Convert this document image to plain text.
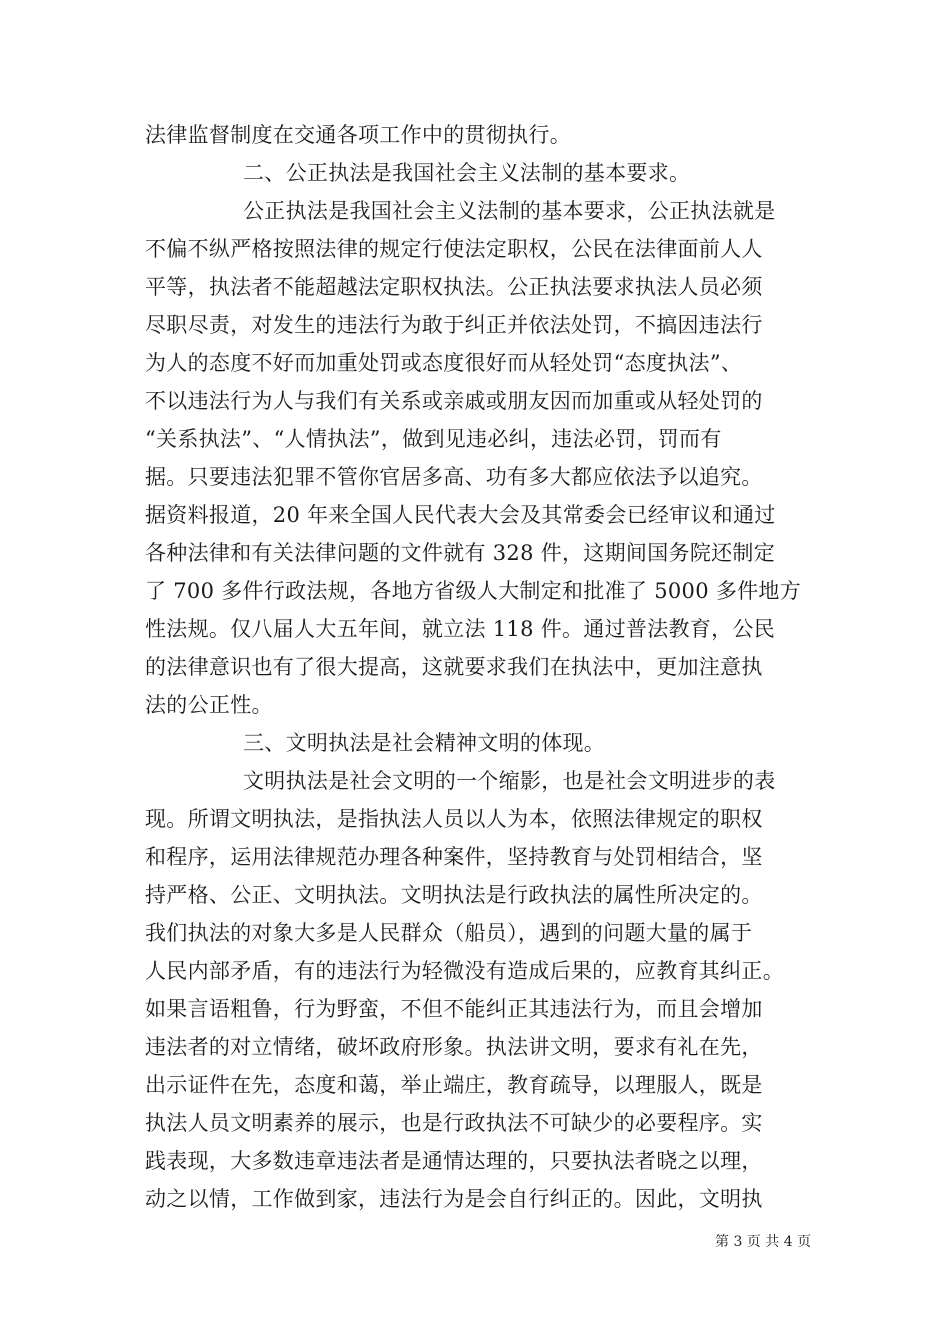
法律监督制度在交通各项工作中的贯彻执行。
二、公正执法是我国社会主义法制的基本要求。
公正执法是我国社会主义法制的基本要求，公正执法就是
不偏不纵严格按照法律的规定行使法定职权，公民在法律面前人人
平等，执法者不能超越法定职权执法。公正执法要求执法人员必须
尽职尽责，对发生的违法行为敢于纠正并依法处罚，不搞因违法行
为人的态度不好而加重处罚或态度很好而从轻处罚“态度执法”、
不以违法行为人与我们有关系或亲戚或朋友因而加重或从轻处罚的
“关系执法”、“人情执法”，做到见违必纠，违法必罚，罚而有
据。只要违法犯罪不管你官居多高、功有多大都应依法予以追究。
据资料报道，20 年来全国人民代表大会及其常委会已经审议和通过
各种法律和有关法律问题的文件就有 328 件，这期间国务院还制定
了 700 多件行政法规，各地方省级人大制定和批准了 5000 多件地方
性法规。仅八届人大五年间，就立法 118 件。通过普法教育，公民
的法律意识也有了很大提高，这就要求我们在执法中，更加注意执
法的公正性。
三、文明执法是社会精神文明的体现。
文明执法是社会文明的一个缩影，也是社会文明进步的表
现。所谓文明执法，是指执法人员以人为本，依照法律规定的职权
和程序，运用法律规范办理各种案件，坚持教育与处罚相结合，坚
持严格、公正、文明执法。文明执法是行政执法的属性所决定的。
我们执法的对象大多是人民群众（船员），遇到的问题大量的属于
人民内部矛盾，有的违法行为轻微没有造成后果的，应教育其纠正。
如果言语粗鲁，行为野蛮，不但不能纠正其违法行为，而且会增加
违法者的对立情绪，破坏政府形象。执法讲文明，要求有礼在先，
出示证件在先，态度和蔼，举止端庄，教育疏导，以理服人，既是
执法人员文明素养的展示，也是行政执法不可缺少的必要程序。实
践表现，大多数违章违法者是通情达理的，只要执法者晓之以理，
动之以情，工作做到家，违法行为是会自行纠正的。因此，文明执
第 3 页 共 4 页
